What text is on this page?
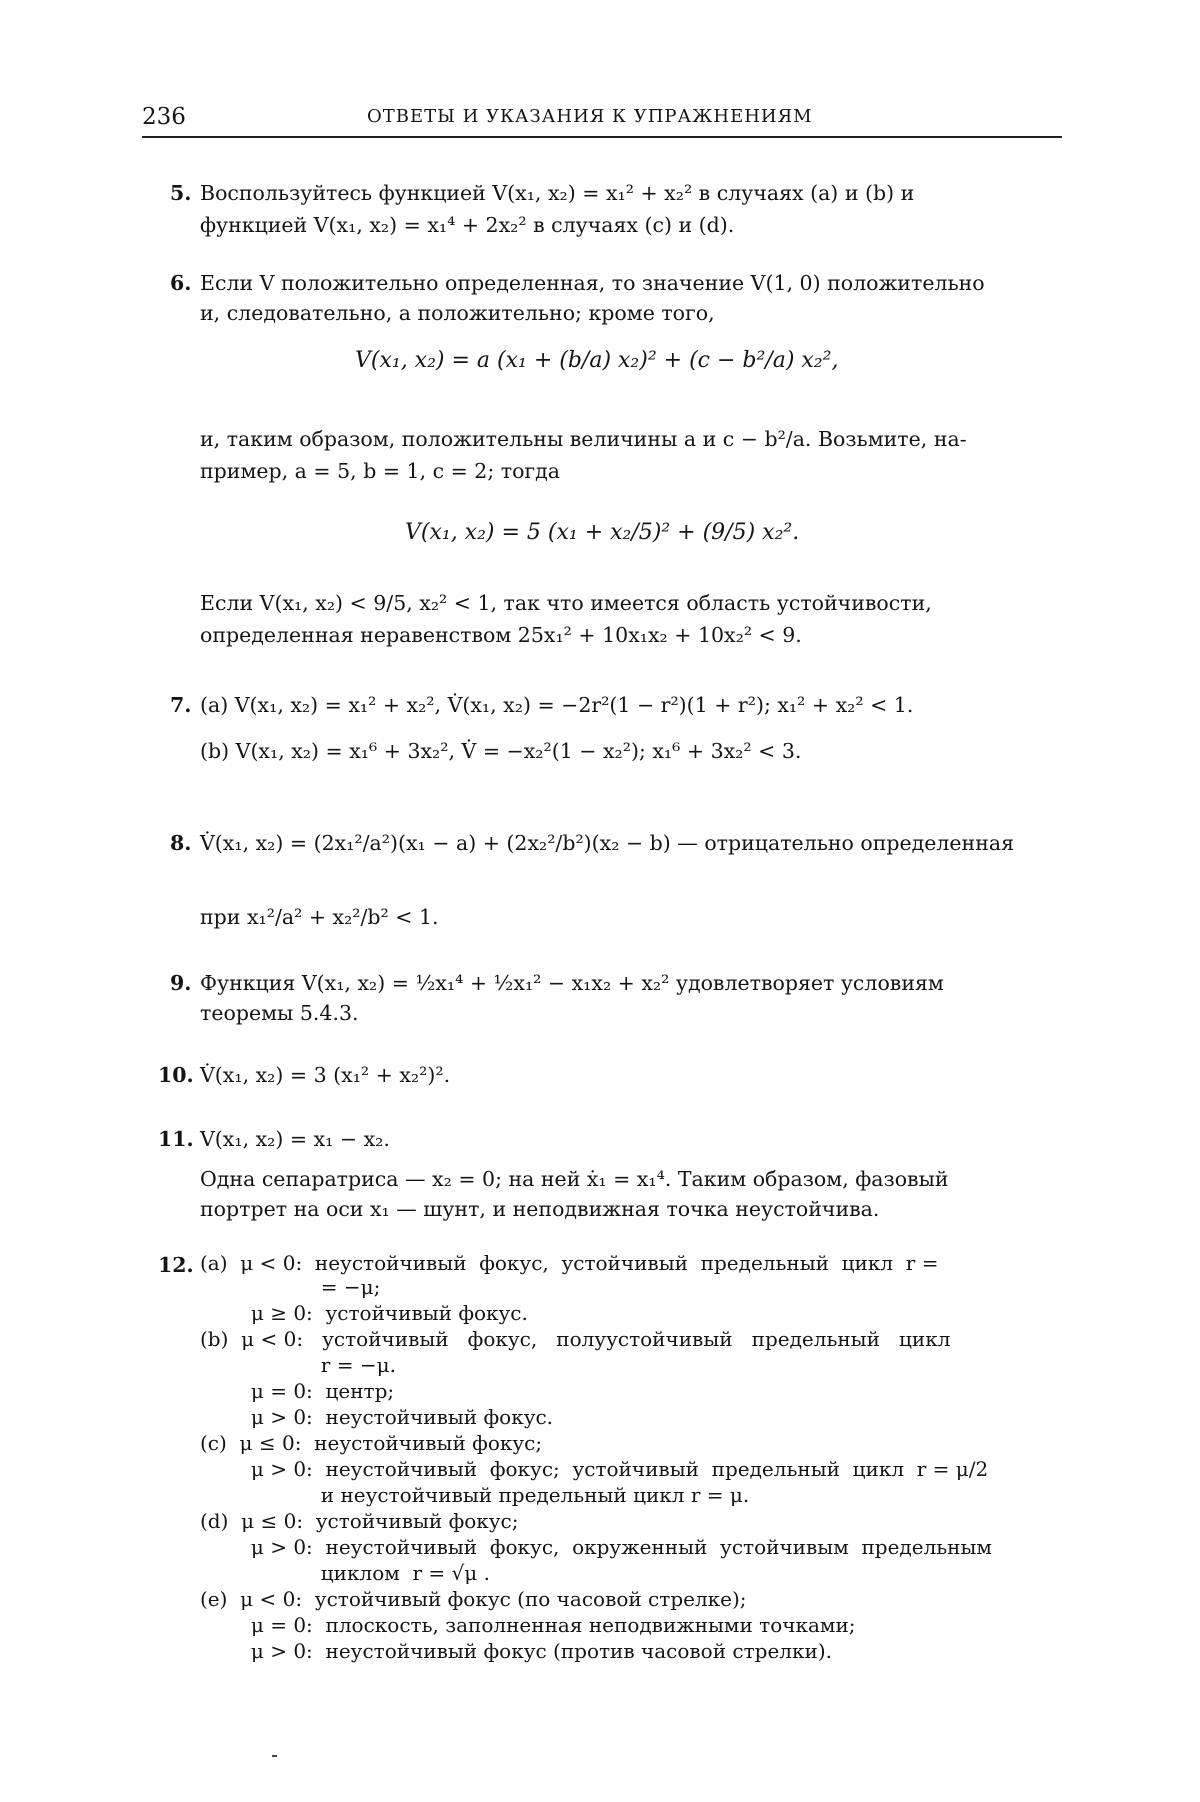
236	ОТВЕТЫ И УКАЗАНИЯ К УПРАЖНЕНИЯМ
5. Воспользуйтесь функцией V(x₁, x₂) = x₁² + x₂² в случаях (a) и (b) и
функцией V(x₁, x₂) = x₁⁴ + 2x₂² в случаях (c) и (d).
6. Если V положительно определенная, то значение V(1, 0) положительно
и, следовательно, a положительно; кроме того,
V(x₁, x₂) = a (x₁ + (b/a) x₂)² + (c − b²/a) x₂²,
и, таким образом, положительны величины a и c − b²/a. Возьмите, на-
пример, a = 5, b = 1, c = 2; тогда
V(x₁, x₂) = 5 (x₁ + x₂/5)² + (9/5) x₂².
Если V(x₁, x₂) < 9/5, x₂² < 1, так что имеется область устойчивости,
определенная неравенством 25x₁² + 10x₁x₂ + 10x₂² < 9.
7. (a) V(x₁, x₂) = x₁² + x₂², V̇(x₁, x₂) = −2r²(1 − r²)(1 + r²); x₁² + x₂² < 1.
(b) V(x₁, x₂) = x₁⁶ + 3x₂², V̇ = −x₂²(1 − x₂²); x₁⁶ + 3x₂² < 3.
8. V̇(x₁, x₂) = (2x₁²/a²)(x₁ − a) + (2x₂²/b²)(x₂ − b) — отрицательно определенная
при x₁²/a² + x₂²/b² < 1.
9. Функция V(x₁, x₂) = ½x₁⁴ + ½x₁² − x₁x₂ + x₂² удовлетворяет условиям
теоремы 5.4.3.
10. V̇(x₁, x₂) = 3 (x₁² + x₂²)².
11. V(x₁, x₂) = x₁ − x₂.
Одна сепаратриса — x₂ = 0; на ней ẋ₁ = x₁⁴. Таким образом, фазовый
портрет на оси x₁ — шунт, и неподвижная точка неустойчива.
12. (a)  μ < 0:  неустойчивый  фокус,  устойчивый  предельный  цикл  r =
= −μ;
μ ≥ 0:  устойчивый фокус.
(b)  μ < 0:   устойчивый   фокус,   полуустойчивый   предельный   цикл
r = −μ.
μ = 0:  центр;
μ > 0:  неустойчивый фокус.
(c)  μ ≤ 0:  неустойчивый фокус;
μ > 0:  неустойчивый  фокус;  устойчивый  предельный  цикл  r = μ/2
и неустойчивый предельный цикл r = μ.
(d)  μ ≤ 0:  устойчивый фокус;
μ > 0:  неустойчивый  фокус,  окруженный  устойчивым  предельным
циклом  r = √μ .
(e)  μ < 0:  устойчивый фокус (по часовой стрелке);
μ = 0:  плоскость, заполненная неподвижными точками;
μ > 0:  неустойчивый фокус (против часовой стрелки).
